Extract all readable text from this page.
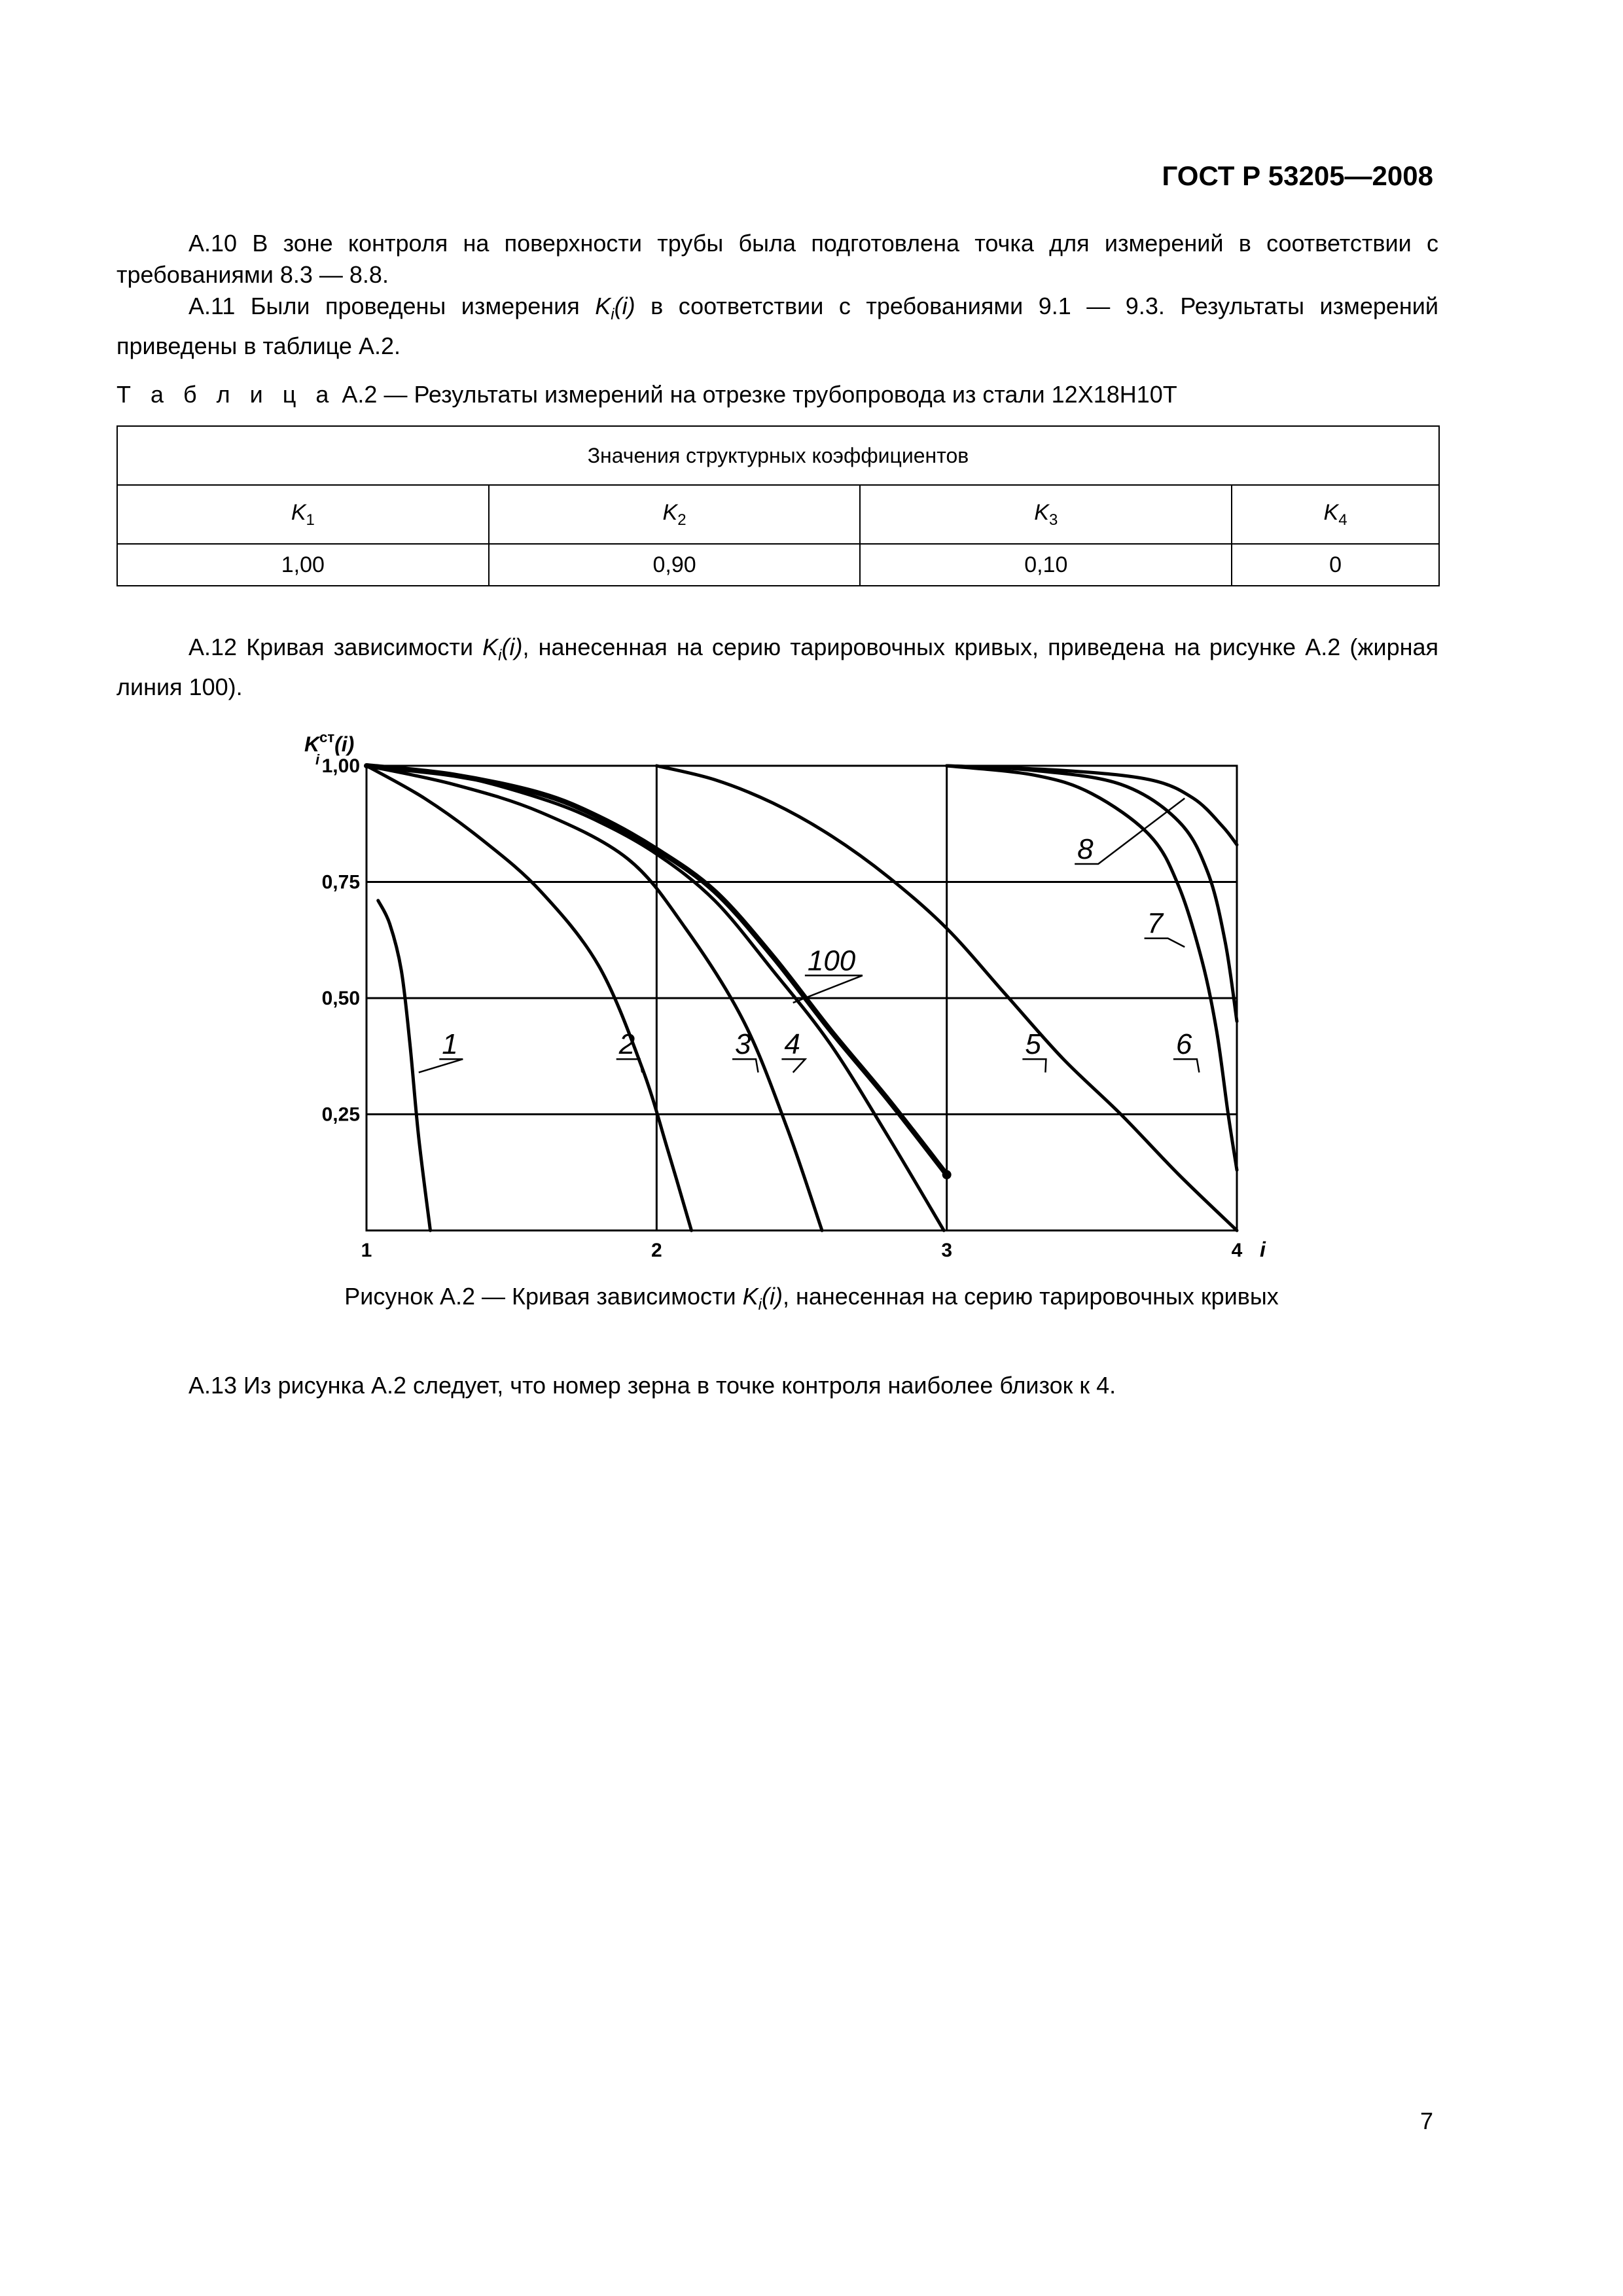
ГОСТ Р 53205—2008
A.10 В зоне контроля на поверхности трубы была подготовлена точка для измерений в соответствии с требованиями 8.3 — 8.8.
A.11 Были проведены измерения $K_i(i)$ в соответствии с требованиями 9.1 — 9.3. Результаты измерений приведены в таблице A.2.
Т а б л и ц а A.2 — Результаты измерений на отрезке трубопровода из стали 12Х18Н10Т
Значения структурных коэффициентов			
$K_1$	$K_2$	$K_3$	$K_4$
1,00	0,90	0,10	0
A.12 Кривая зависимости $K_i(i)$, нанесенная на серию тарировочных кривых, приведена на рисунке A.2 (жирная линия 100).
1,00
0,75
0,50
0,25
1	2	3	4 i
$K^{ст}(i)$
i
1	2	3 4
100
5	6
7
8
Рисунок A.2 — Кривая зависимости $K_i(i)$, нанесенная на серию тарировочных кривых
A.13 Из рисунка A.2 следует, что номер зерна в точке контроля наиболее близок к 4.
7
